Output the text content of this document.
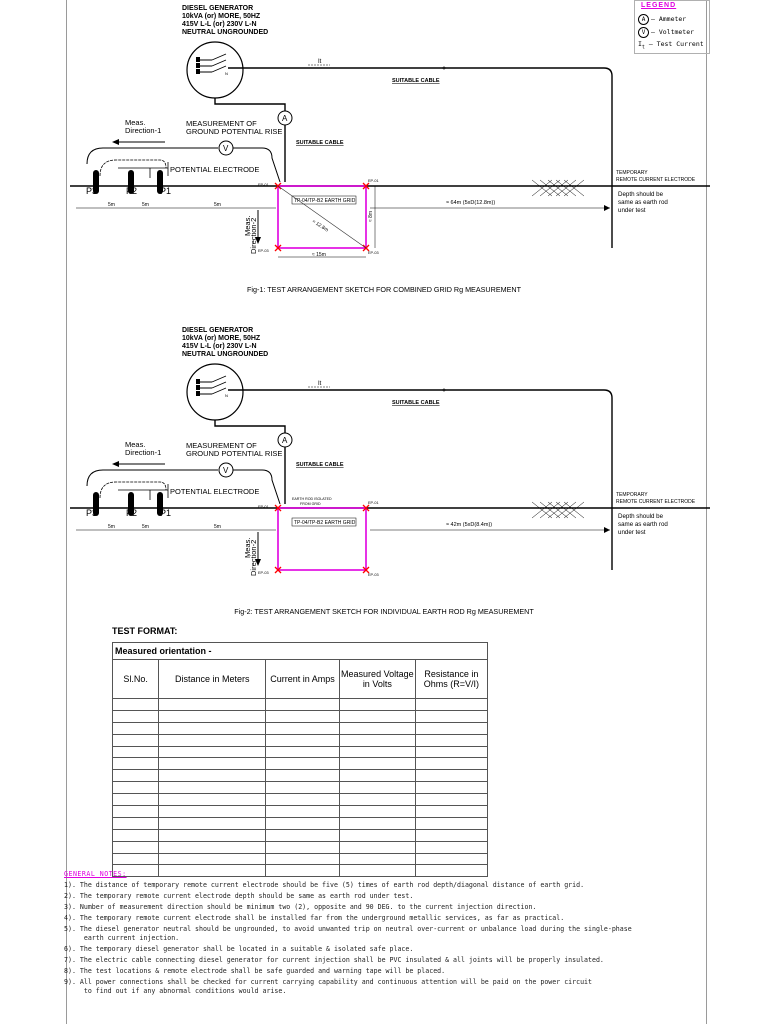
LEGEND
A – Ammeter
V – Voltmeter
$I_t$ – Test Current
N
DIESEL GENERATOR
10kVA (or) MORE, 50HZ
415V L-L (or) 230V L-N
NEUTRAL UNGROUNDED
It
SUITABLE CABLE
A
MEASUREMENT OF
GROUND POTENTIAL RISE
Meas.
Direction-1
V
SUITABLE CABLE
POTENTIAL ELECTRODE
P3	P2	P1
5m	5m	5m
TP-04/TP-B2 EARTH GRID
EP-01
EP-01
EP-03	EP-03
≈ 12.8m
≈ 8m
≈ 15m
Meas.
Direction-2
≈ 64m (5xD(12.8m))
TEMPORARY
REMOTE CURRENT ELECTRODE
Depth should be
same as earth rod
under test
Fig-1: TEST ARRANGEMENT SKETCH FOR COMBINED GRID Rg MEASUREMENT
N
DIESEL GENERATOR
10kVA (or) MORE, 50HZ
415V L-L (or) 230V L-N
NEUTRAL UNGROUNDED
It
SUITABLE CABLE
A
MEASUREMENT OF
GROUND POTENTIAL RISE
Meas.
Direction-1
V
SUITABLE CABLE
POTENTIAL ELECTRODE
P3	P2	P1
5m	5m	5m
TP-04/TP-B2 EARTH GRID
EP-01
EP-01
EP-03	EP-03
EARTH ROD ISOLATED
FROM GRID
Meas.
Direction-2
≈ 42m (5xD(8.4m))
TEMPORARY
REMOTE CURRENT ELECTRODE
Depth should be
same as earth rod
under test
Fig-2: TEST ARRANGEMENT SKETCH FOR INDIVIDUAL EARTH ROD Rg MEASUREMENT
TEST FORMAT:
Measured orientation -				
Sl.No.	Distance in Meters	Current in Amps	Measured Voltage in Volts	Resistance in Ohms (R=V/I)

GENERAL NOTES:
1). The distance of temporary remote current electrode should be five (5) times of earth rod depth/diagonal distance of earth grid.
2). The temporary remote current electrode depth should be same as earth rod under test.
3). Number of measurement direction should be minimum two (2), opposite and 90 DEG. to the current injection direction.
4). The temporary remote current electrode shall be installed far from the underground metallic services, as far as practical.
5). The diesel generator neutral should be ungrounded, to avoid unwanted trip on neutral over-current or unbalance load during the single-phase
earth current injection.
6). The temporary diesel generator shall be located in a suitable & isolated safe place.
7). The electric cable connecting diesel generator for current injection shall be PVC insulated & all joints will be properly insulated.
8). The test locations & remote electrode shall be safe guarded and warning tape will be placed.
9). All power connections shall be checked for current carrying capability and continuous attention will be paid on the power circuit
to find out if any abnormal conditions would arise.
